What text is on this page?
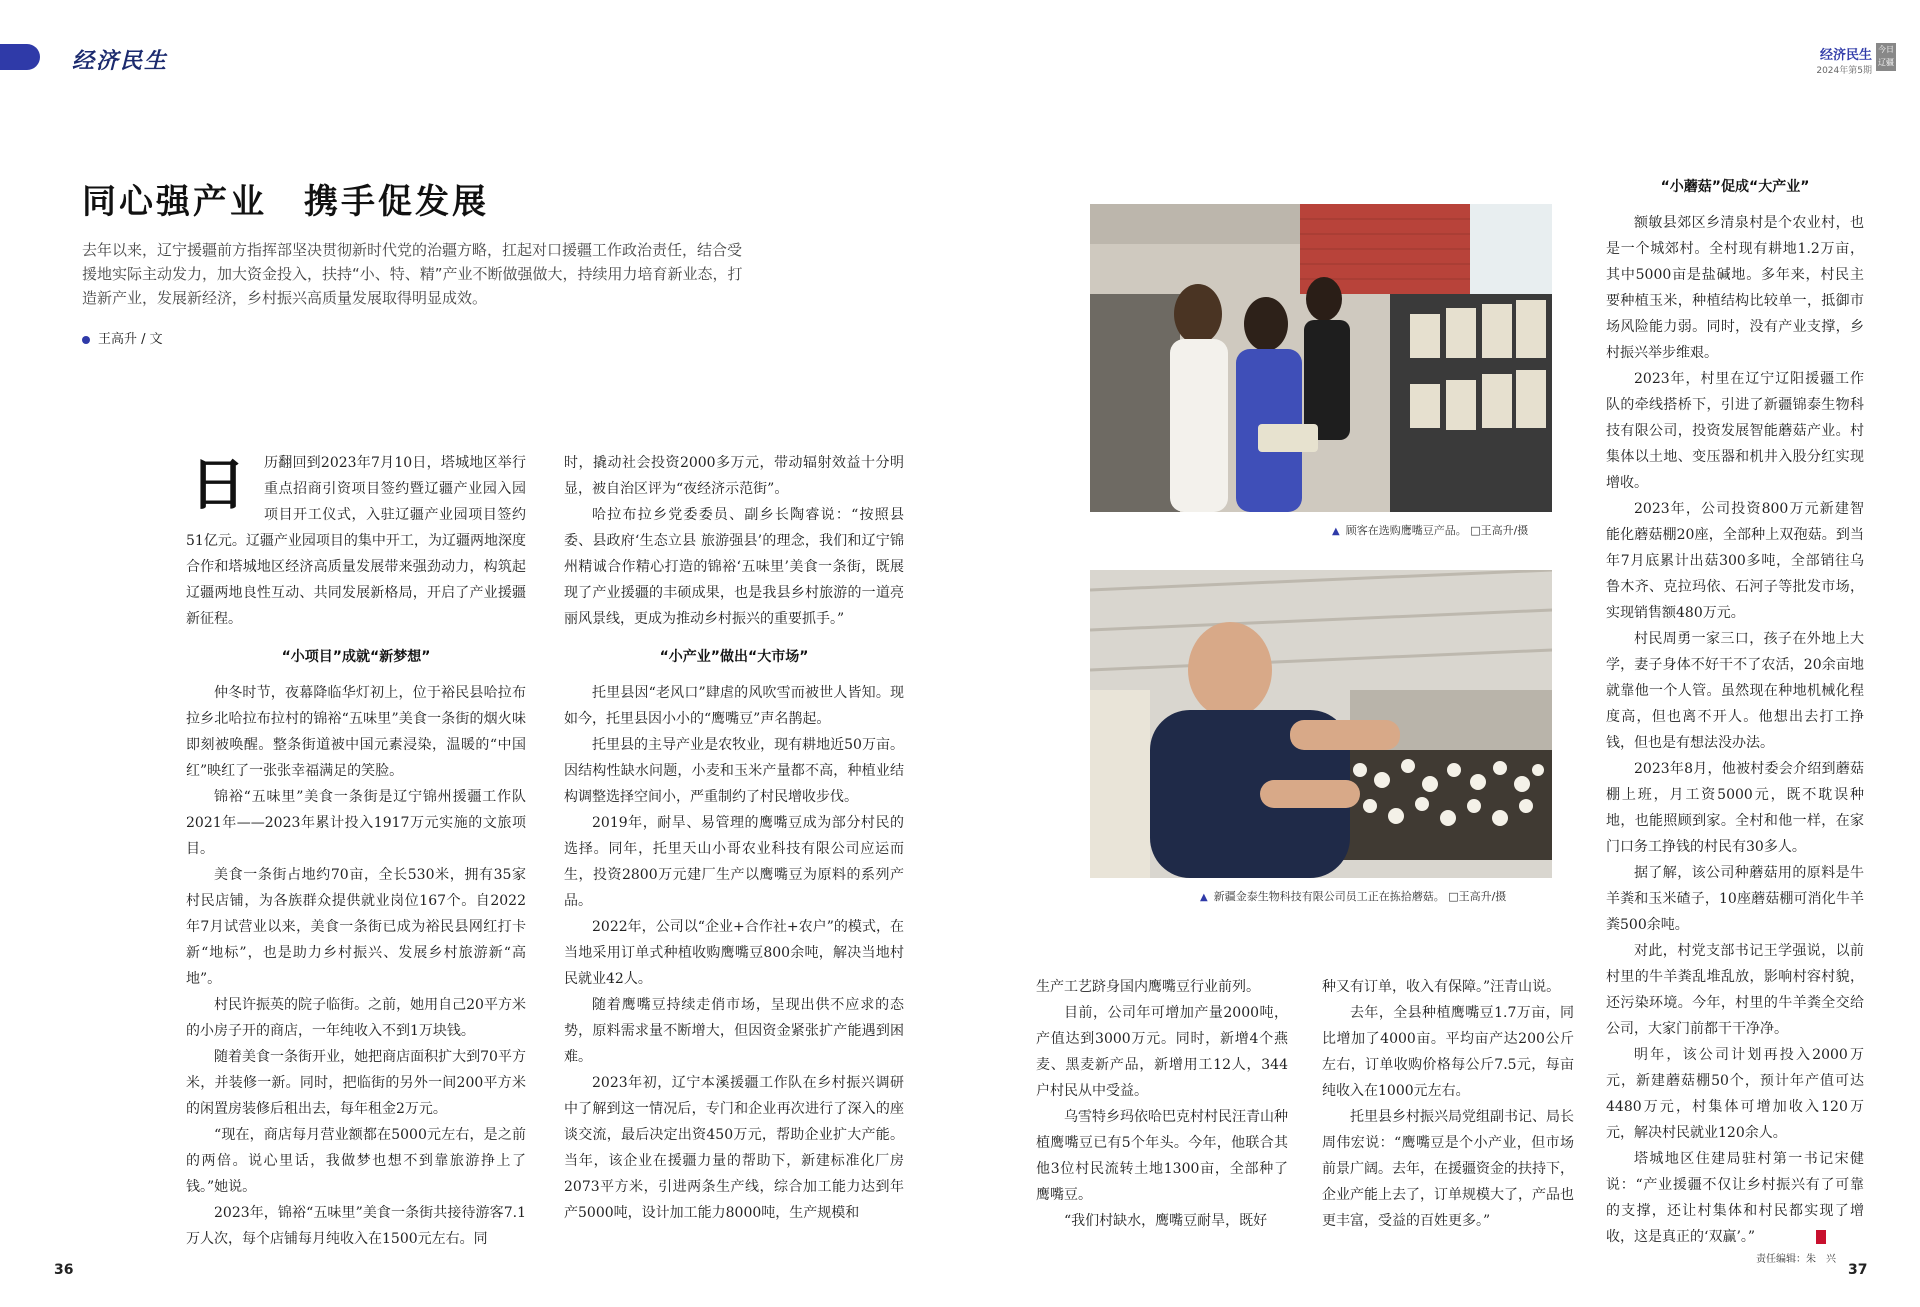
经济民生	经济民生
2024年第5期
今日辽疆
同心强产业　携手促发展
去年以来，辽宁援疆前方指挥部坚决贯彻新时代党的治疆方略，扛起对口援疆工作政治责任，结合受援地实际主动发力，加大资金投入，扶持“小、特、精”产业不断做强做大，持续用力培育新业态，打造新产业，发展新经济，乡村振兴高质量发展取得明显成效。
王高升 / 文
日	历翻回到2023年7月10日，塔城地区举行重点招商引资项目签约暨辽疆产业园入园项目开工仪式，入驻辽疆产业园项目签约51亿元。辽疆产业园项目的集中开工，为辽疆两地深度合作和塔城地区经济高质量发展带来强劲动力，构筑起辽疆两地良性互动、共同发展新格局，开启了产业援疆新征程。

“小项目”成就“新梦想”

仲冬时节，夜幕降临华灯初上，位于裕民县哈拉布拉乡北哈拉布拉村的锦裕“五味里”美食一条街的烟火味即刻被唤醒。整条街道被中国元素浸染，温暖的“中国红”映红了一张张幸福满足的笑脸。

锦裕“五味里”美食一条街是辽宁锦州援疆工作队2021年——2023年累计投入1917万元实施的文旅项目。

美食一条街占地约70亩，全长530米，拥有35家村民店铺，为各族群众提供就业岗位167个。自2022年7月试营业以来，美食一条街已成为裕民县网红打卡新“地标”，也是助力乡村振兴、发展乡村旅游新“高地”。

村民许振英的院子临街。之前，她用自己20平方米的小房子开的商店，一年纯收入不到1万块钱。

随着美食一条街开业，她把商店面积扩大到70平方米，并装修一新。同时，把临街的另外一间200平方米的闲置房装修后租出去，每年租金2万元。

“现在，商店每月营业额都在5000元左右，是之前的两倍。说心里话，我做梦也想不到靠旅游挣上了钱。”她说。

2023年，锦裕“五味里”美食一条街共接待游客7.1万人次，每个店铺每月纯收入在1500元左右。同

时，撬动社会投资2000多万元，带动辐射效益十分明显，被自治区评为“夜经济示范街”。

哈拉布拉乡党委委员、副乡长陶睿说：“按照县委、县政府‘生态立县 旅游强县’的理念，我们和辽宁锦州精诚合作精心打造的锦裕‘五味里’美食一条街，既展现了产业援疆的丰硕成果，也是我县乡村旅游的一道亮丽风景线，更成为推动乡村振兴的重要抓手。”

“小产业”做出“大市场”

托里县因“老风口”肆虐的风吹雪而被世人皆知。现如今，托里县因小小的“鹰嘴豆”声名鹊起。

托里县的主导产业是农牧业，现有耕地近50万亩。因结构性缺水问题，小麦和玉米产量都不高，种植业结构调整选择空间小，严重制约了村民增收步伐。

2019年，耐旱、易管理的鹰嘴豆成为部分村民的选择。同年，托里天山小哥农业科技有限公司应运而生，投资2800万元建厂生产以鹰嘴豆为原料的系列产品。

2022年，公司以“企业+合作社+农户”的模式，在当地采用订单式种植收购鹰嘴豆800余吨，解决当地村民就业42人。

随着鹰嘴豆持续走俏市场，呈现出供不应求的态势，原料需求量不断增大，但因资金紧张扩产能遇到困难。

2023年初，辽宁本溪援疆工作队在乡村振兴调研中了解到这一情况后，专门和企业再次进行了深入的座谈交流，最后决定出资450万元，帮助企业扩大产能。当年，该企业在援疆力量的帮助下，新建标准化厂房2073平方米，引进两条生产线，综合加工能力达到年产5000吨，设计加工能力8000吨，生产规模和

▲ 顾客在选购鹰嘴豆产品。 □王高升/摄
▲ 新疆金泰生物科技有限公司员工正在拣拾蘑菇。 □王高升/摄

生产工艺跻身国内鹰嘴豆行业前列。

目前，公司年可增加产量2000吨，产值达到3000万元。同时，新增4个燕麦、黑麦新产品，新增用工12人，344户村民从中受益。

乌雪特乡玛依哈巴克村村民汪青山种植鹰嘴豆已有5个年头。今年，他联合其他3位村民流转土地1300亩，全部种了鹰嘴豆。

“我们村缺水，鹰嘴豆耐旱，既好

种又有订单，收入有保障。”汪青山说。

去年，全县种植鹰嘴豆1.7万亩，同比增加了4000亩。平均亩产达200公斤左右，订单收购价格每公斤7.5元，每亩纯收入在1000元左右。

托里县乡村振兴局党组副书记、局长周伟宏说：“鹰嘴豆是个小产业，但市场前景广阔。去年，在援疆资金的扶持下，企业产能上去了，订单规模大了，产品也更丰富，受益的百姓更多。”

“小蘑菇”促成“大产业”

额敏县郊区乡清泉村是个农业村，也是一个城郊村。全村现有耕地1.2万亩，其中5000亩是盐碱地。多年来，村民主要种植玉米，种植结构比较单一，抵御市场风险能力弱。同时，没有产业支撑，乡村振兴举步维艰。

2023年，村里在辽宁辽阳援疆工作队的牵线搭桥下，引进了新疆锦泰生物科技有限公司，投资发展智能蘑菇产业。村集体以土地、变压器和机井入股分红实现增收。

2023年，公司投资800万元新建智能化蘑菇棚20座，全部种上双孢菇。到当年7月底累计出菇300多吨，全部销往乌鲁木齐、克拉玛依、石河子等批发市场，实现销售额480万元。

村民周勇一家三口，孩子在外地上大学，妻子身体不好干不了农活，20余亩地就靠他一个人管。虽然现在种地机械化程度高，但也离不开人。他想出去打工挣钱，但也是有想法没办法。

2023年8月，他被村委会介绍到蘑菇棚上班，月工资5000元，既不耽误种地，也能照顾到家。全村和他一样，在家门口务工挣钱的村民有30多人。

据了解，该公司种蘑菇用的原料是牛羊粪和玉米碴子，10座蘑菇棚可消化牛羊粪500余吨。

对此，村党支部书记王学强说，以前村里的牛羊粪乱堆乱放，影响村容村貌，还污染环境。今年，村里的牛羊粪全交给公司，大家门前都干干净净。

明年，该公司计划再投入2000万元，新建蘑菇棚50个，预计年产值可达4480万元，村集体可增加收入120万元，解决村民就业120余人。

塔城地区住建局驻村第一书记宋健说：“产业援疆不仅让乡村振兴有了可靠的支撑，还让村集体和村民都实现了增收，这是真正的‘双赢’。”

36
责任编辑：朱　兴
37
